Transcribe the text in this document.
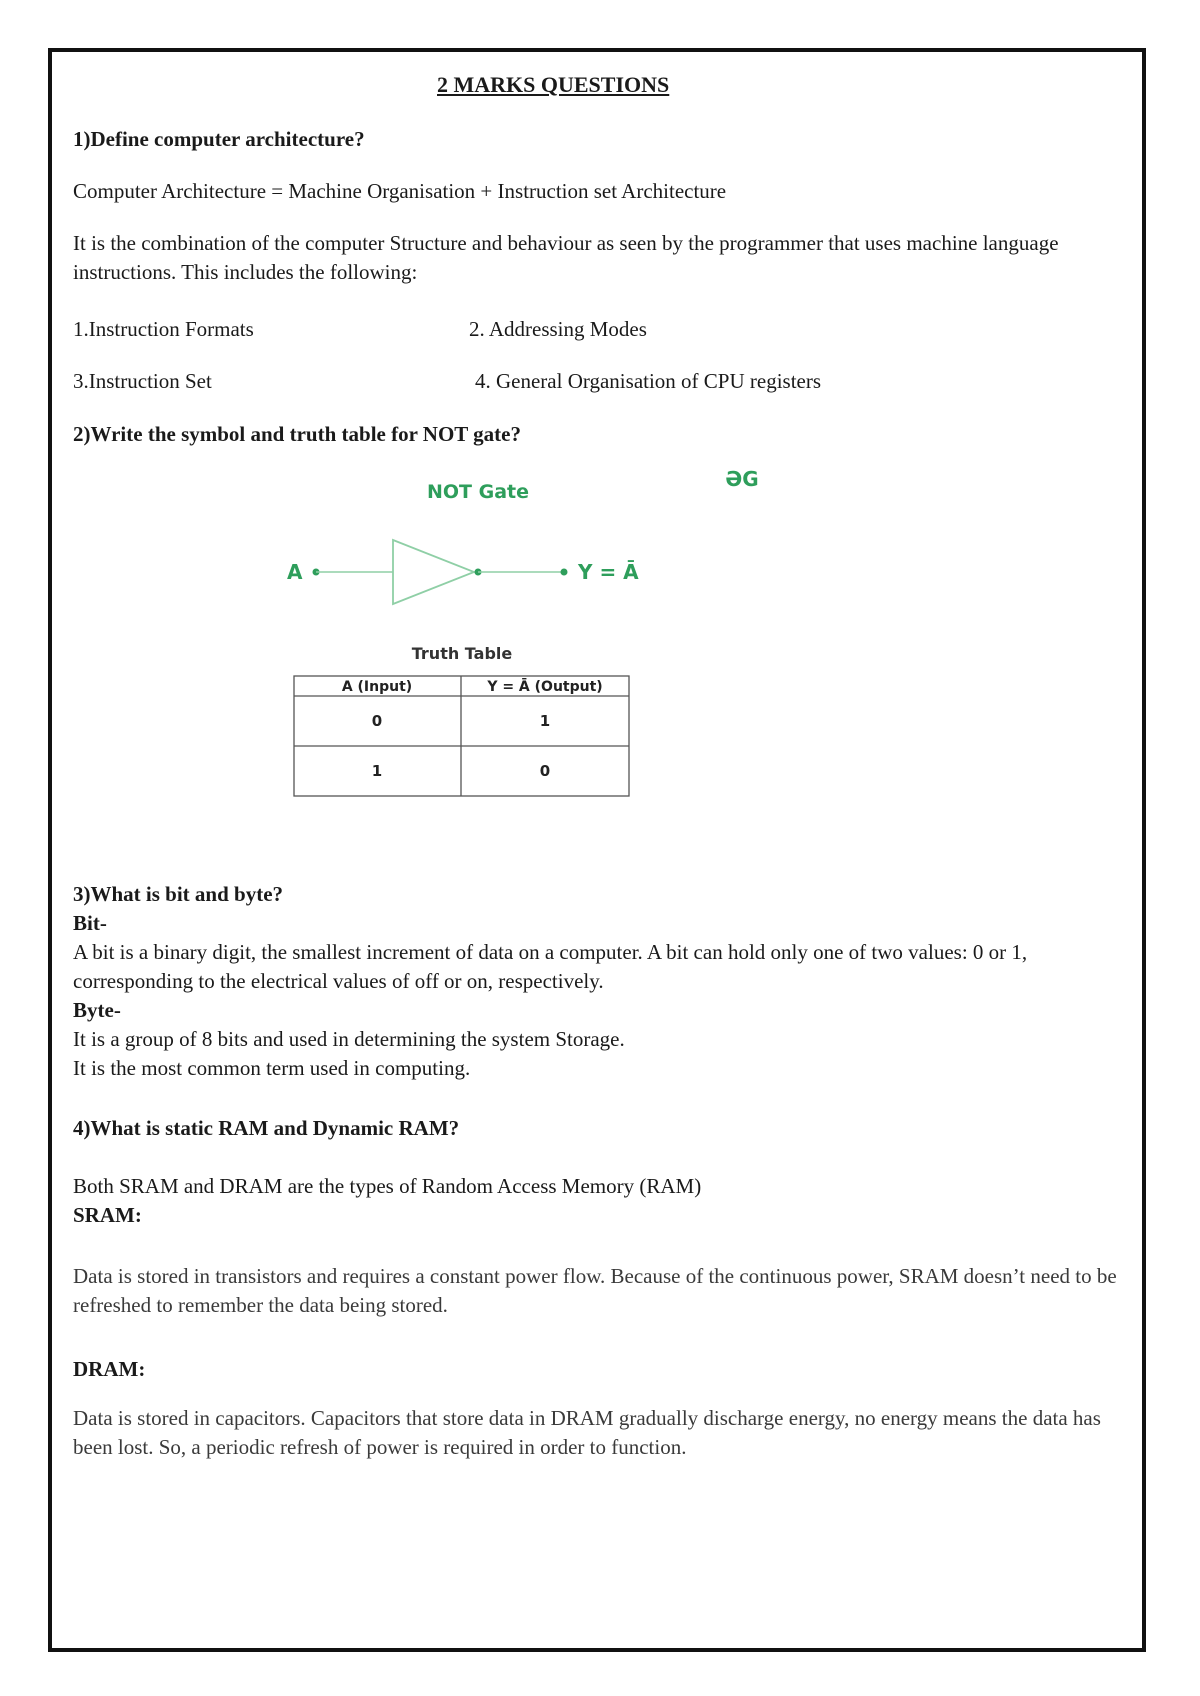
2 MARKS QUESTIONS
1)Define computer architecture?
Computer Architecture = Machine Organisation + Instruction set Architecture
It is the combination of the computer Structure and behaviour as seen by the programmer that uses machine language instructions. This includes the following:
1.Instruction Formats	2. Addressing Modes
3.Instruction Set	4. General Organisation of CPU registers
2)Write the symbol and truth table for NOT gate?
NOT Gate
ƏG
A	Y = Ā
Truth Table
A (Input)	Y = Ā (Output)
0	1
1	0
3)What is bit and byte?
Bit-
A bit is a binary digit, the smallest increment of data on a computer. A bit can hold only one of two values: 0 or 1, corresponding to the electrical values of off or on, respectively.
Byte-
It is a group of 8 bits and used in determining the system Storage.
It is the most common term used in computing.
4)What is static RAM and Dynamic RAM?
Both SRAM and DRAM are the types of Random Access Memory (RAM)
SRAM:
Data is stored in transistors and requires a constant power flow. Because of the continuous power, SRAM doesn’t need to be refreshed to remember the data being stored.
DRAM:
Data is stored in capacitors. Capacitors that store data in DRAM gradually discharge energy, no energy means the data has been lost. So, a periodic refresh of power is required in order to function.
